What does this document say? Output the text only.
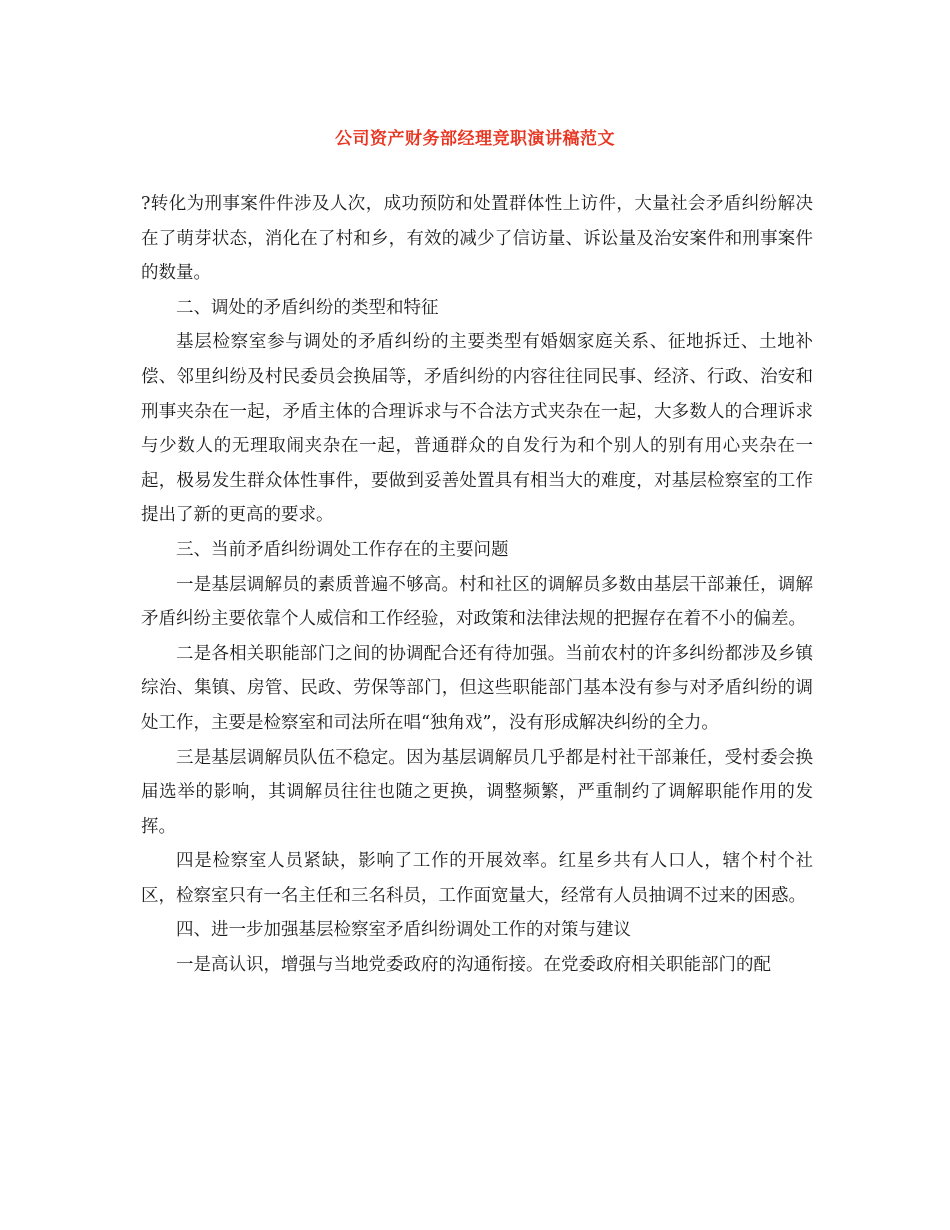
公司资产财务部经理竞职演讲稿范文

?转化为刑事案件件涉及人次，成功预防和处置群体性上访件，大量社会矛盾纠纷解决在了萌芽状态，消化在了村和乡，有效的减少了信访量、诉讼量及治安案件和刑事案件的数量。

二、调处的矛盾纠纷的类型和特征

基层检察室参与调处的矛盾纠纷的主要类型有婚姻家庭关系、征地拆迁、土地补偿、邻里纠纷及村民委员会换届等，矛盾纠纷的内容往往同民事、经济、行政、治安和刑事夹杂在一起，矛盾主体的合理诉求与不合法方式夹杂在一起，大多数人的合理诉求与少数人的无理取闹夹杂在一起，普通群众的自发行为和个别人的别有用心夹杂在一起，极易发生群众体性事件，要做到妥善处置具有相当大的难度，对基层检察室的工作提出了新的更高的要求。

三、当前矛盾纠纷调处工作存在的主要问题

一是基层调解员的素质普遍不够高。村和社区的调解员多数由基层干部兼任，调解矛盾纠纷主要依靠个人威信和工作经验，对政策和法律法规的把握存在着不小的偏差。

二是各相关职能部门之间的协调配合还有待加强。当前农村的许多纠纷都涉及乡镇综治、集镇、房管、民政、劳保等部门，但这些职能部门基本没有参与对矛盾纠纷的调处工作，主要是检察室和司法所在唱“独角戏”，没有形成解决纠纷的全力。

三是基层调解员队伍不稳定。因为基层调解员几乎都是村社干部兼任，受村委会换届选举的影响，其调解员往往也随之更换，调整频繁，严重制约了调解职能作用的发挥。

四是检察室人员紧缺，影响了工作的开展效率。红星乡共有人口人，辖个村个社区，检察室只有一名主任和三名科员，工作面宽量大，经常有人员抽调不过来的困惑。

四、进一步加强基层检察室矛盾纠纷调处工作的对策与建议

一是高认识，增强与当地党委政府的沟通衔接。在党委政府相关职能部门的配
